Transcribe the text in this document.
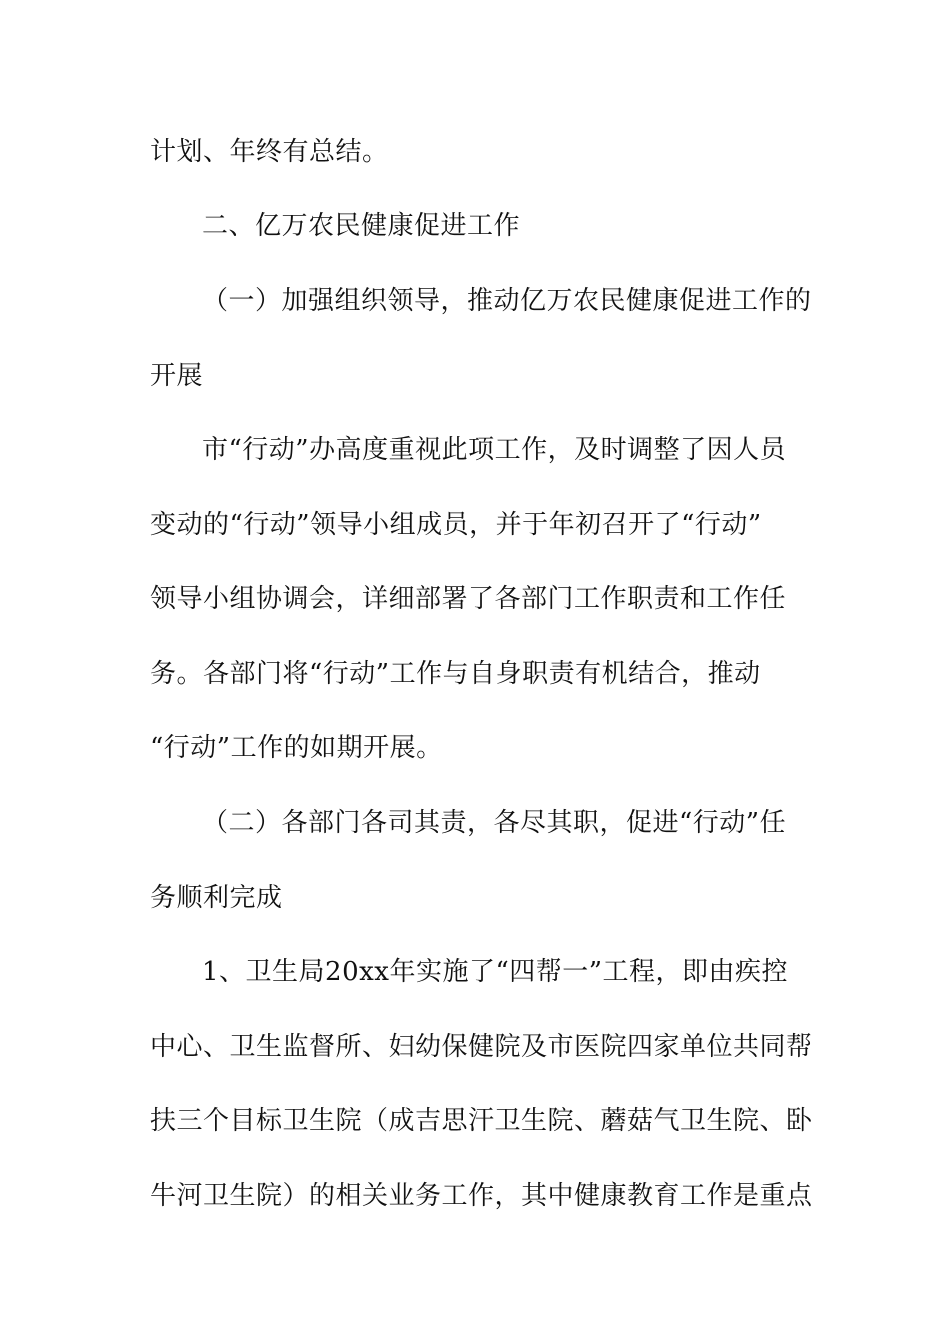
计划、年终有总结。
二、亿万农民健康促进工作
（一）加强组织领导，推动亿万农民健康促进工作的
开展
市“行动”办高度重视此项工作，及时调整了因人员
变动的“行动”领导小组成员，并于年初召开了“行动”
领导小组协调会，详细部署了各部门工作职责和工作任
务。各部门将“行动”工作与自身职责有机结合，推动
“行动”工作的如期开展。
（二）各部门各司其责，各尽其职，促进“行动”任
务顺利完成
1、卫生局20xx年实施了“四帮一”工程，即由疾控
中心、卫生监督所、妇幼保健院及市医院四家单位共同帮
扶三个目标卫生院（成吉思汗卫生院、蘑菇气卫生院、卧
牛河卫生院）的相关业务工作，其中健康教育工作是重点
